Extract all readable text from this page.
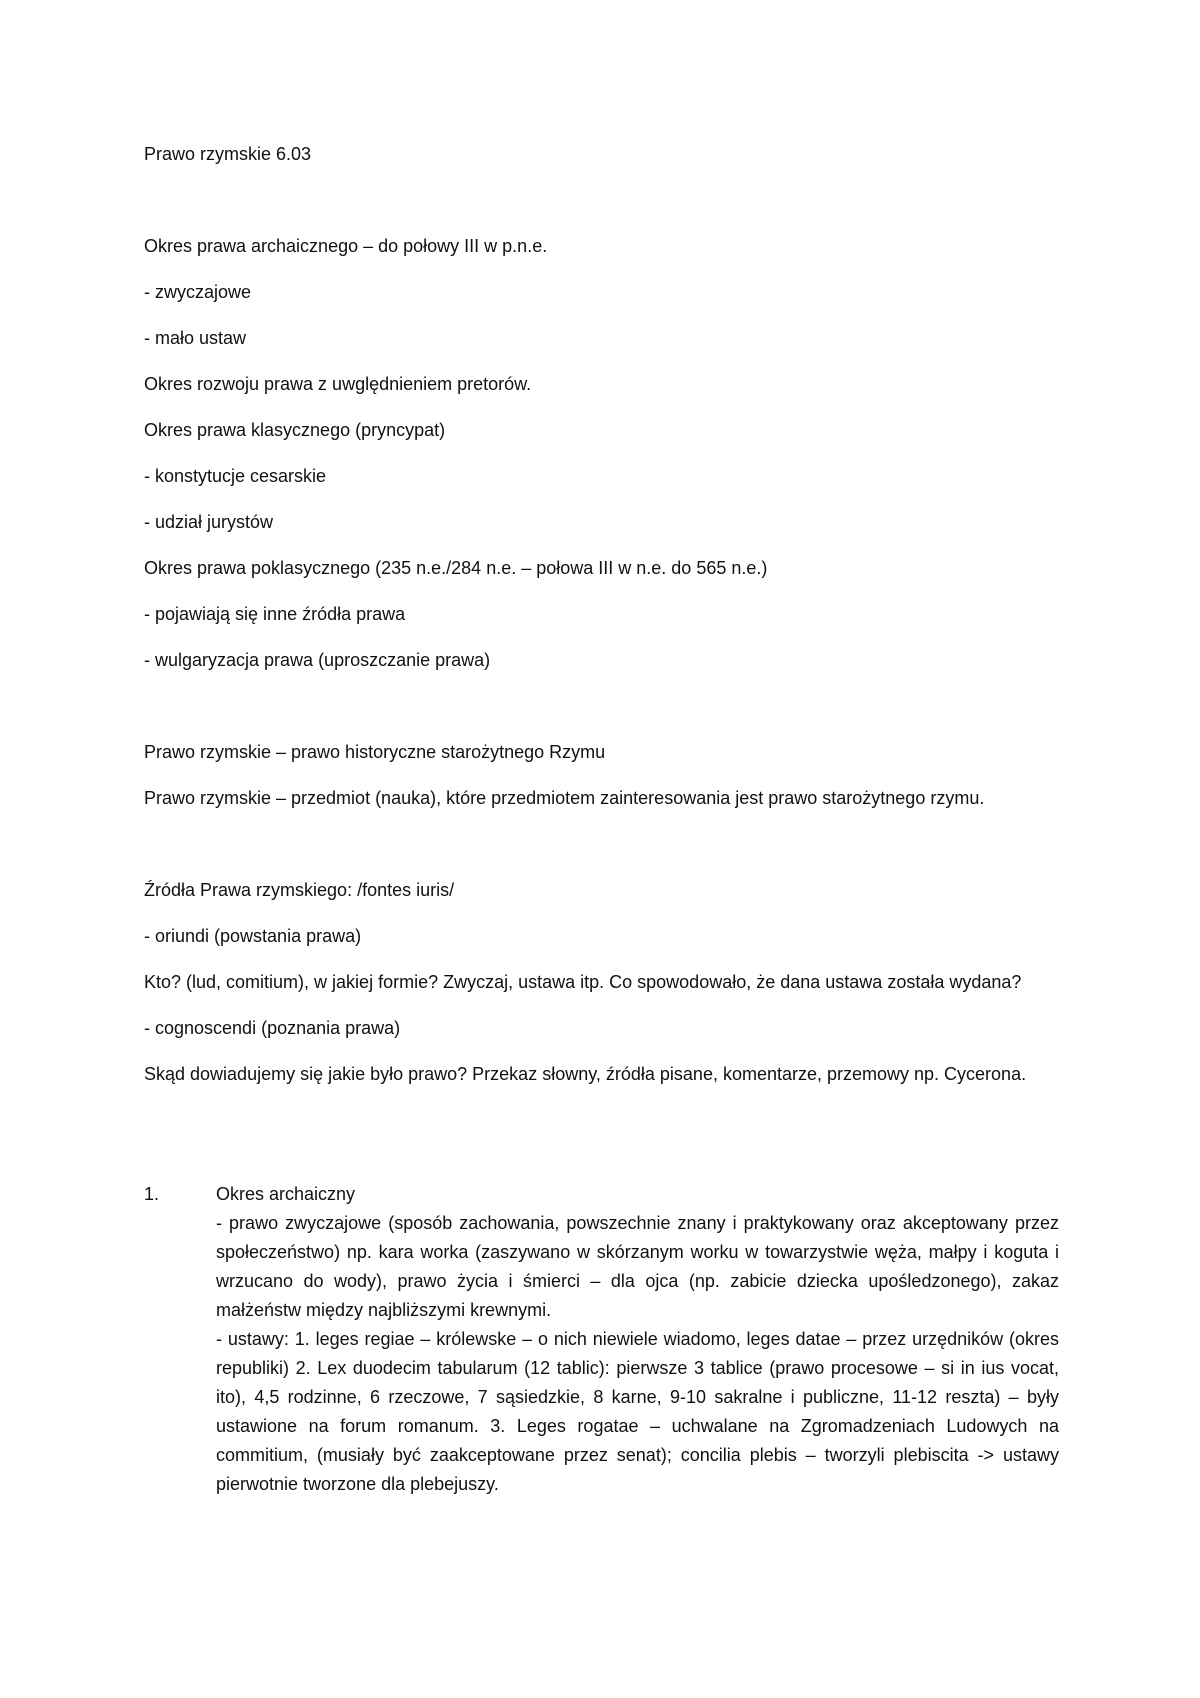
Prawo rzymskie 6.03

Okres prawa archaicznego – do połowy III w p.n.e.

- zwyczajowe

- mało ustaw

Okres rozwoju prawa z uwględnieniem pretorów.

Okres prawa klasycznego (pryncypat)

- konstytucje cesarskie

- udział jurystów

Okres prawa poklasycznego (235 n.e./284 n.e. – połowa III w n.e. do 565 n.e.)

- pojawiają się inne źródła prawa

- wulgaryzacja prawa (uproszczanie prawa)

Prawo rzymskie – prawo historyczne starożytnego Rzymu

Prawo rzymskie – przedmiot (nauka), które przedmiotem zainteresowania jest prawo starożytnego rzymu.

Źródła Prawa rzymskiego: /fontes iuris/

- oriundi (powstania prawa)

Kto? (lud, comitium), w jakiej formie? Zwyczaj, ustawa itp. Co spowodowało, że dana ustawa została wydana?

- cognoscendi (poznania prawa)

Skąd dowiadujemy się jakie było prawo? Przekaz słowny, źródła pisane, komentarze, przemowy np. Cycerona.

1.	Okres archaiczny
- prawo zwyczajowe (sposób zachowania, powszechnie znany i praktykowany oraz akceptowany przez społeczeństwo) np. kara worka (zaszywano w skórzanym worku w towarzystwie węża, małpy i koguta i wrzucano do wody), prawo życia i śmierci – dla ojca (np. zabicie dziecka upośledzonego), zakaz małżeństw między najbliższymi krewnymi.
- ustawy: 1. leges regiae – królewske – o nich niewiele wiadomo, leges datae – przez urzędników (okres republiki) 2. Lex duodecim tabularum (12 tablic): pierwsze 3 tablice (prawo procesowe – si in ius vocat, ito), 4,5 rodzinne, 6 rzeczowe, 7 sąsiedzkie, 8 karne, 9-10 sakralne i publiczne, 11-12 reszta) – były ustawione na forum romanum. 3. Leges rogatae – uchwalane na Zgromadzeniach Ludowych na commitium, (musiały być zaakceptowane przez senat); concilia plebis – tworzyli plebiscita -> ustawy pierwotnie tworzone dla plebejuszy.
